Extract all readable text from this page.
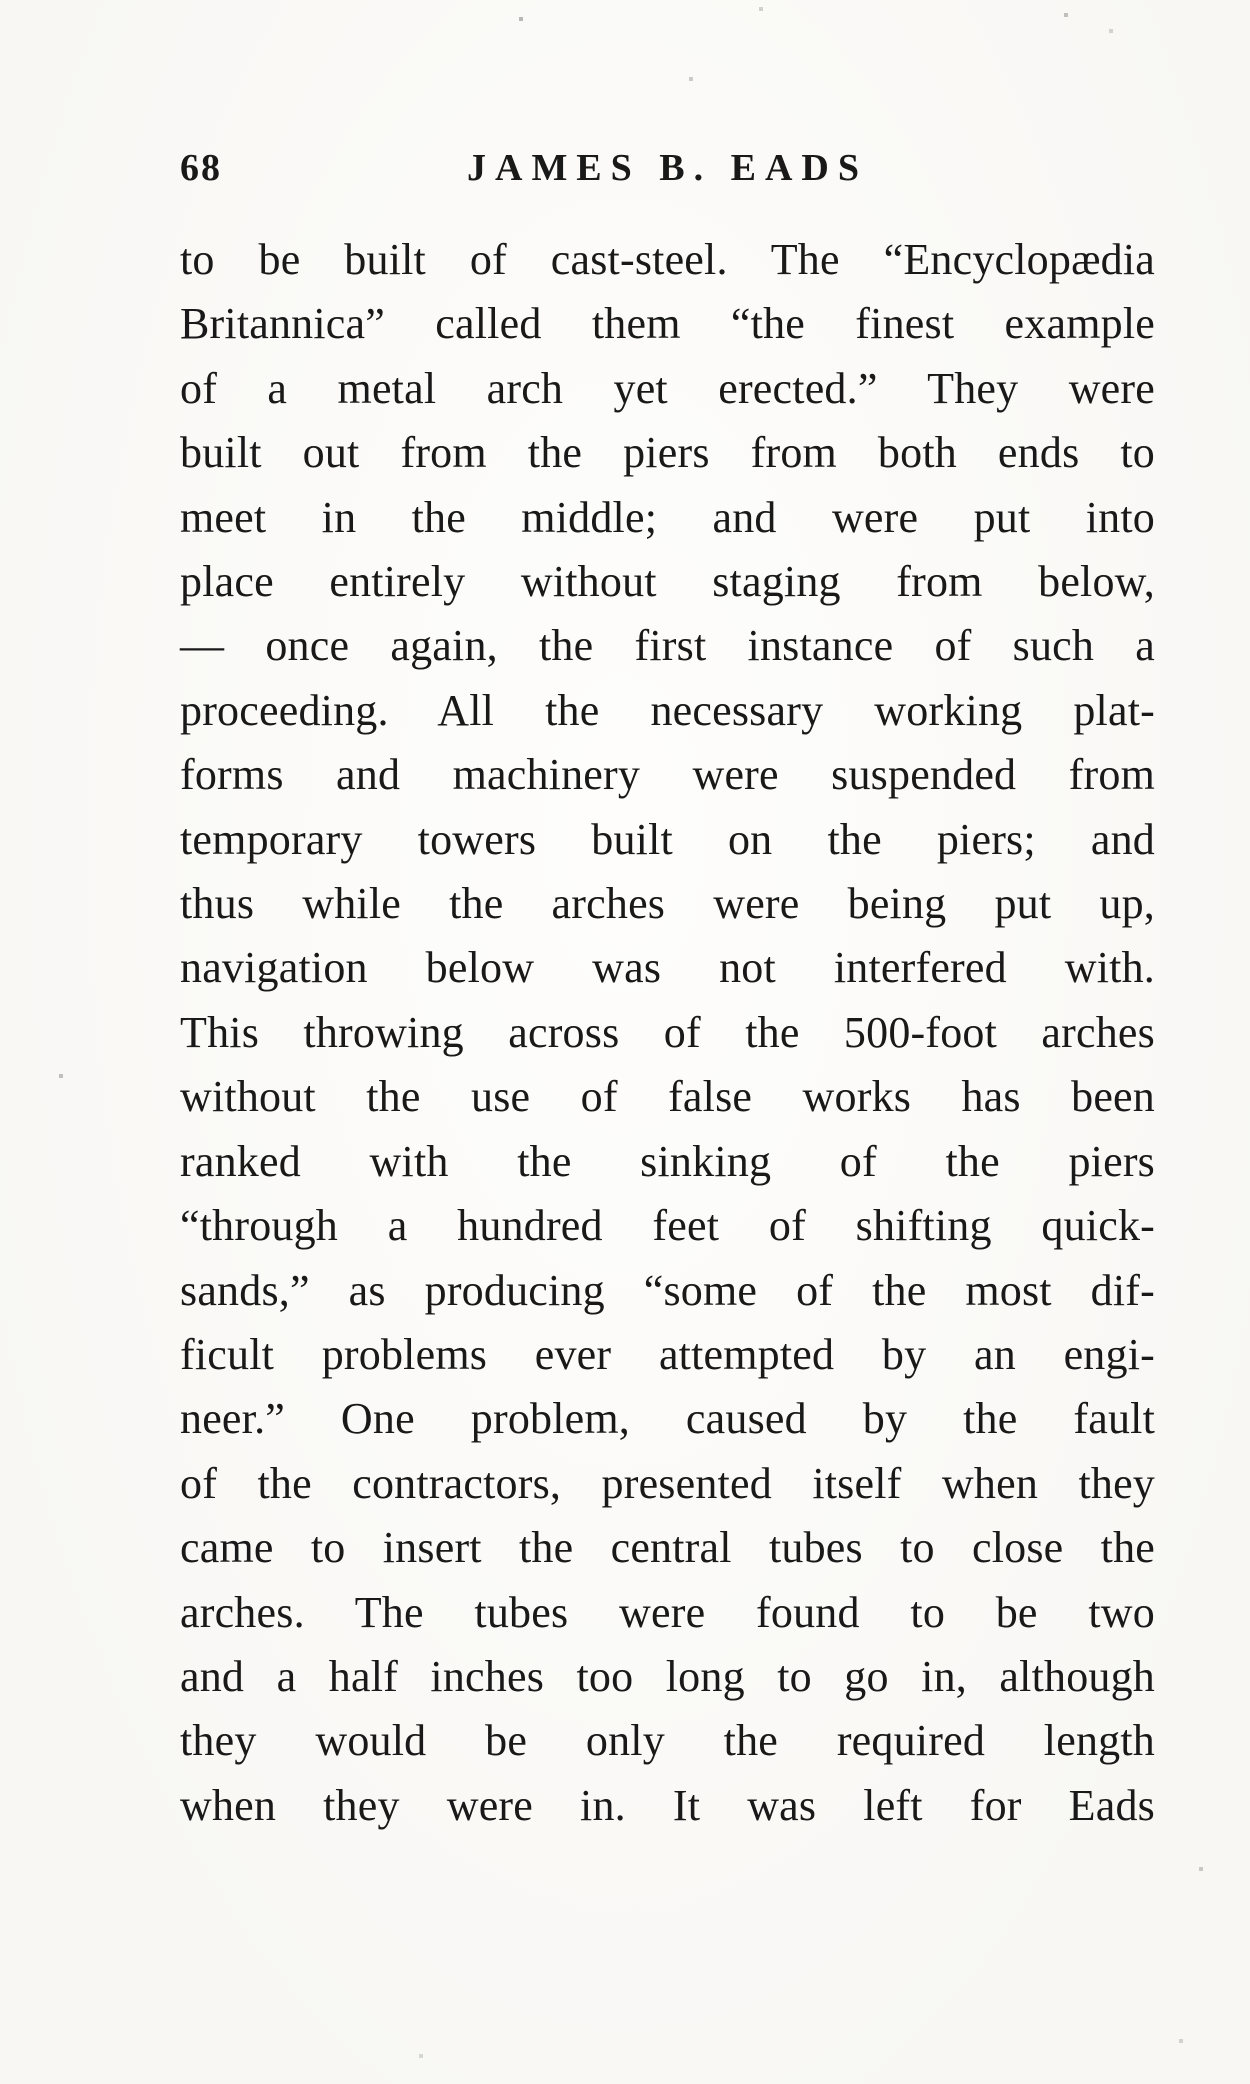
68	JAMES B. EADS
to be built of cast-steel. The “Encyclopædia
Britannica” called them “the finest example
of a metal arch yet erected.” They were
built out from the piers from both ends to
meet in the middle; and were put into
place entirely without staging from below,
— once again, the first instance of such a
proceeding. All the necessary working plat-
forms and machinery were suspended from
temporary towers built on the piers; and
thus while the arches were being put up,
navigation below was not interfered with.
This throwing across of the 500-foot arches
without the use of false works has been
ranked with the sinking of the piers
“through a hundred feet of shifting quick-
sands,” as producing “some of the most dif-
ficult problems ever attempted by an engi-
neer.” One problem, caused by the fault
of the contractors, presented itself when they
came to insert the central tubes to close the
arches. The tubes were found to be two
and a half inches too long to go in, although
they would be only the required length
when they were in. It was left for Eads
